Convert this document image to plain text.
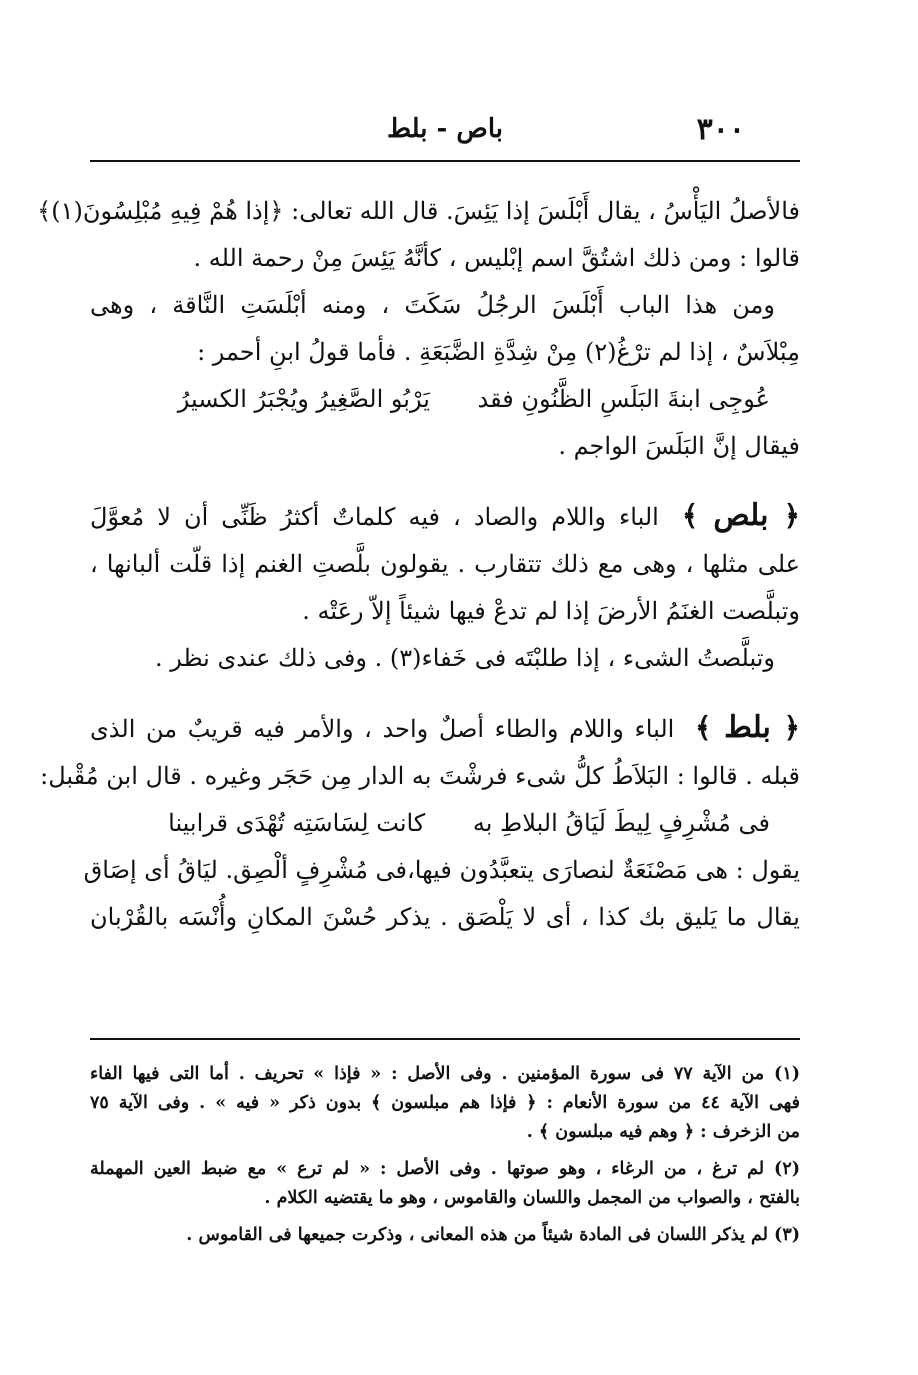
٣٠٠
باص - بلط
فالأصلُ اليَأْسُ ، يقال أَبْلَسَ إذا يَئِسَ. قال الله تعالى: ﴿إذا هُمْ فِيهِ مُبْلِسُونَ(١)﴾
قالوا : ومن ذلك اشتُقَّ اسم إبْليس ، كأنَّهُ يَئِسَ مِنْ رحمة الله .
ومن هذا الباب أَبْلَسَ الرجُلُ سَكَتَ ، ومنه أبْلَسَتِ النَّاقة ، وهى
مِبْلاَسٌ ، إذا لم ترْغُ(٢) مِنْ شِدَّةِ الضَّبَعَةِ . فأما قولُ ابنِ أحمر :
عُوجِى ابنةَ البَلَسِ الظَّنُونِ فقد يَرْبُو الصَّغِيرُ ويُجْبَرُ الكسيرُ
فيقال إنَّ البَلَسَ الواجم .
﴿ بلص ﴾ الباء واللام والصاد ، فيه كلماتٌ أكثرُ ظَنِّى أن لا مُعوَّلَ
على مثلها ، وهى مع ذلك تتقارب . يقولون بلَّصتِ الغنم إذا قلّت ألبانها ،
وتبلَّصت الغنَمُ الأرضَ إذا لم تدعْ فيها شيئاً إلاّ رعَتْه .
وتبلَّصتُ الشىء ، إذا طلبْتَه فى خَفاء(٣) . وفى ذلك عندى نظر .
﴿ بلط ﴾ الباء واللام والطاء أصلٌ واحد ، والأمر فيه قريبٌ من الذى
قبله . قالوا : البَلاَطُ كلُّ شىء فرشْتَ به الدار مِن حَجَر وغيره . قال ابن مُقْبل:
فى مُشْرِفٍ لِيطَ لَيَاقُ البلاطِ به كانت لِسَاسَتِه تُهْدَى قرابينا
يقول : هى مَصْنَعَةٌ لنصارَى يتعبَّدُون فيها،فى مُشْرِفٍ ألْصِق. ليَاقُ أى إصَاق
يقال ما يَليق بك كذا ، أى لا يَلْصَق . يذكر حُسْنَ المكانِ وأُنْسَه بالقُرْبان
(١) من الآية ٧٧ فى سورة المؤمنين . وفى الأصل : « فإذا » تحريف . أما التى فيها الفاء
فهى الآية ٤٤ من سورة الأنعام : ﴿ فإذا هم مبلسون ﴾ بدون ذكر « فيه » . وفى الآية ٧٥
من الزخرف : ﴿ وهم فيه مبلسون ﴾ .
(٢) لم ترغ ، من الرغاء ، وهو صوتها . وفى الأصل : « لم ترع » مع ضبط العين المهملة
بالفتح ، والصواب من المجمل واللسان والقاموس ، وهو ما يقتضيه الكلام .
(٣) لم يذكر اللسان فى المادة شيئاً من هذه المعانى ، وذكرت جميعها فى القاموس .
